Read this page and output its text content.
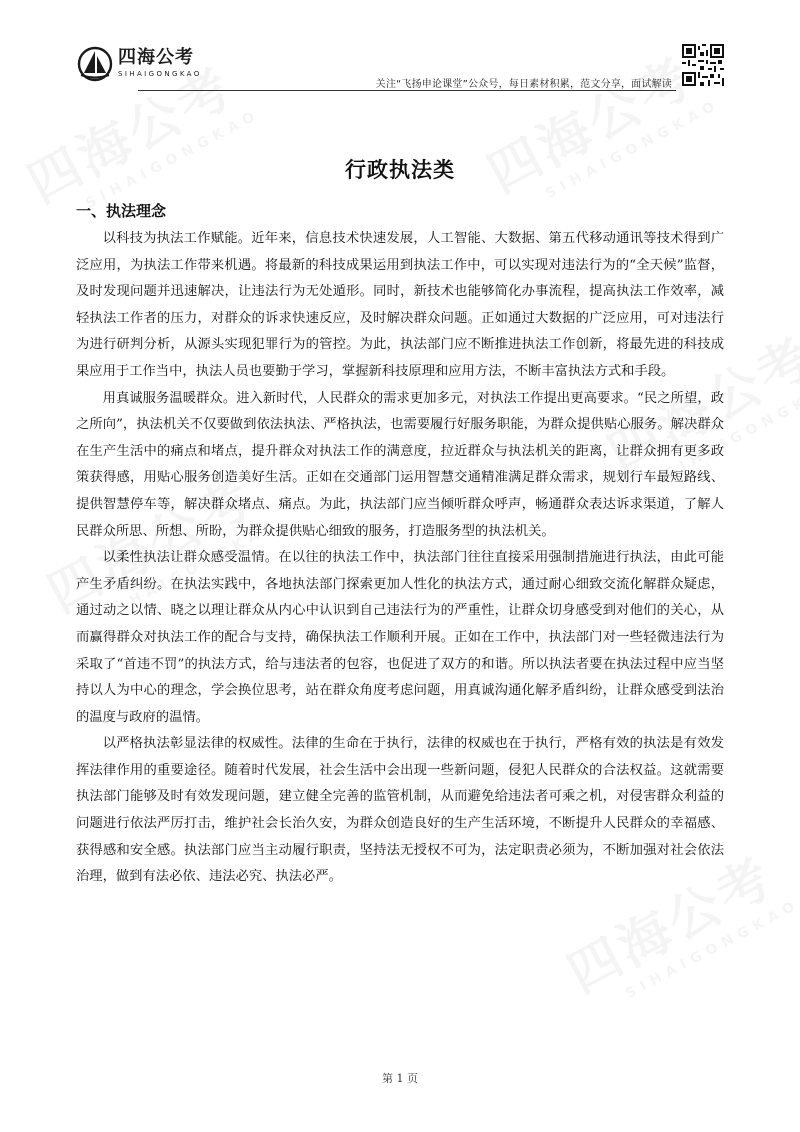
四海公考
SIHAIGONGKAO
关注“飞扬申论课堂”公众号，每日素材积累，范文分享，面试解读
行政执法类
一、执法理念

以科技为执法工作赋能。近年来，信息技术快速发展，人工智能、大数据、第五代移动通讯等技术得到广泛应用，为执法工作带来机遇。将最新的科技成果运用到执法工作中，可以实现对违法行为的“全天候”监督，及时发现问题并迅速解决，让违法行为无处遁形。同时，新技术也能够简化办事流程，提高执法工作效率，减轻执法工作者的压力，对群众的诉求快速反应，及时解决群众问题。正如通过大数据的广泛应用，可对违法行为进行研判分析，从源头实现犯罪行为的管控。为此，执法部门应不断推进执法工作创新，将最先进的科技成果应用于工作当中，执法人员也要勤于学习，掌握新科技原理和应用方法，不断丰富执法方式和手段。

用真诚服务温暖群众。进入新时代，人民群众的需求更加多元，对执法工作提出更高要求。“民之所望，政之所向”，执法机关不仅要做到依法执法、严格执法，也需要履行好服务职能，为群众提供贴心服务。解决群众在生产生活中的痛点和堵点，提升群众对执法工作的满意度，拉近群众与执法机关的距离，让群众拥有更多政策获得感，用贴心服务创造美好生活。正如在交通部门运用智慧交通精准满足群众需求，规划行车最短路线、提供智慧停车等，解决群众堵点、痛点。为此，执法部门应当倾听群众呼声，畅通群众表达诉求渠道，了解人民群众所思、所想、所盼，为群众提供贴心细致的服务，打造服务型的执法机关。

以柔性执法让群众感受温情。在以往的执法工作中，执法部门往往直接采用强制措施进行执法，由此可能产生矛盾纠纷。在执法实践中，各地执法部门探索更加人性化的执法方式，通过耐心细致交流化解群众疑虑，通过动之以情、晓之以理让群众从内心中认识到自己违法行为的严重性，让群众切身感受到对他们的关心，从而赢得群众对执法工作的配合与支持，确保执法工作顺利开展。正如在工作中，执法部门对一些轻微违法行为采取了“首违不罚”的执法方式，给与违法者的包容，也促进了双方的和谐。所以执法者要在执法过程中应当坚持以人为中心的理念，学会换位思考，站在群众角度考虑问题，用真诚沟通化解矛盾纠纷，让群众感受到法治的温度与政府的温情。

以严格执法彰显法律的权威性。法律的生命在于执行，法律的权威也在于执行，严格有效的执法是有效发挥法律作用的重要途径。随着时代发展，社会生活中会出现一些新问题，侵犯人民群众的合法权益。这就需要执法部门能够及时有效发现问题，建立健全完善的监管机制，从而避免给违法者可乘之机，对侵害群众利益的问题进行依法严厉打击，维护社会长治久安，为群众创造良好的生产生活环境，不断提升人民群众的幸福感、获得感和安全感。执法部门应当主动履行职责，坚持法无授权不可为，法定职责必须为，不断加强对社会依法治理，做到有法必依、违法必究、执法必严。

第 1 页
